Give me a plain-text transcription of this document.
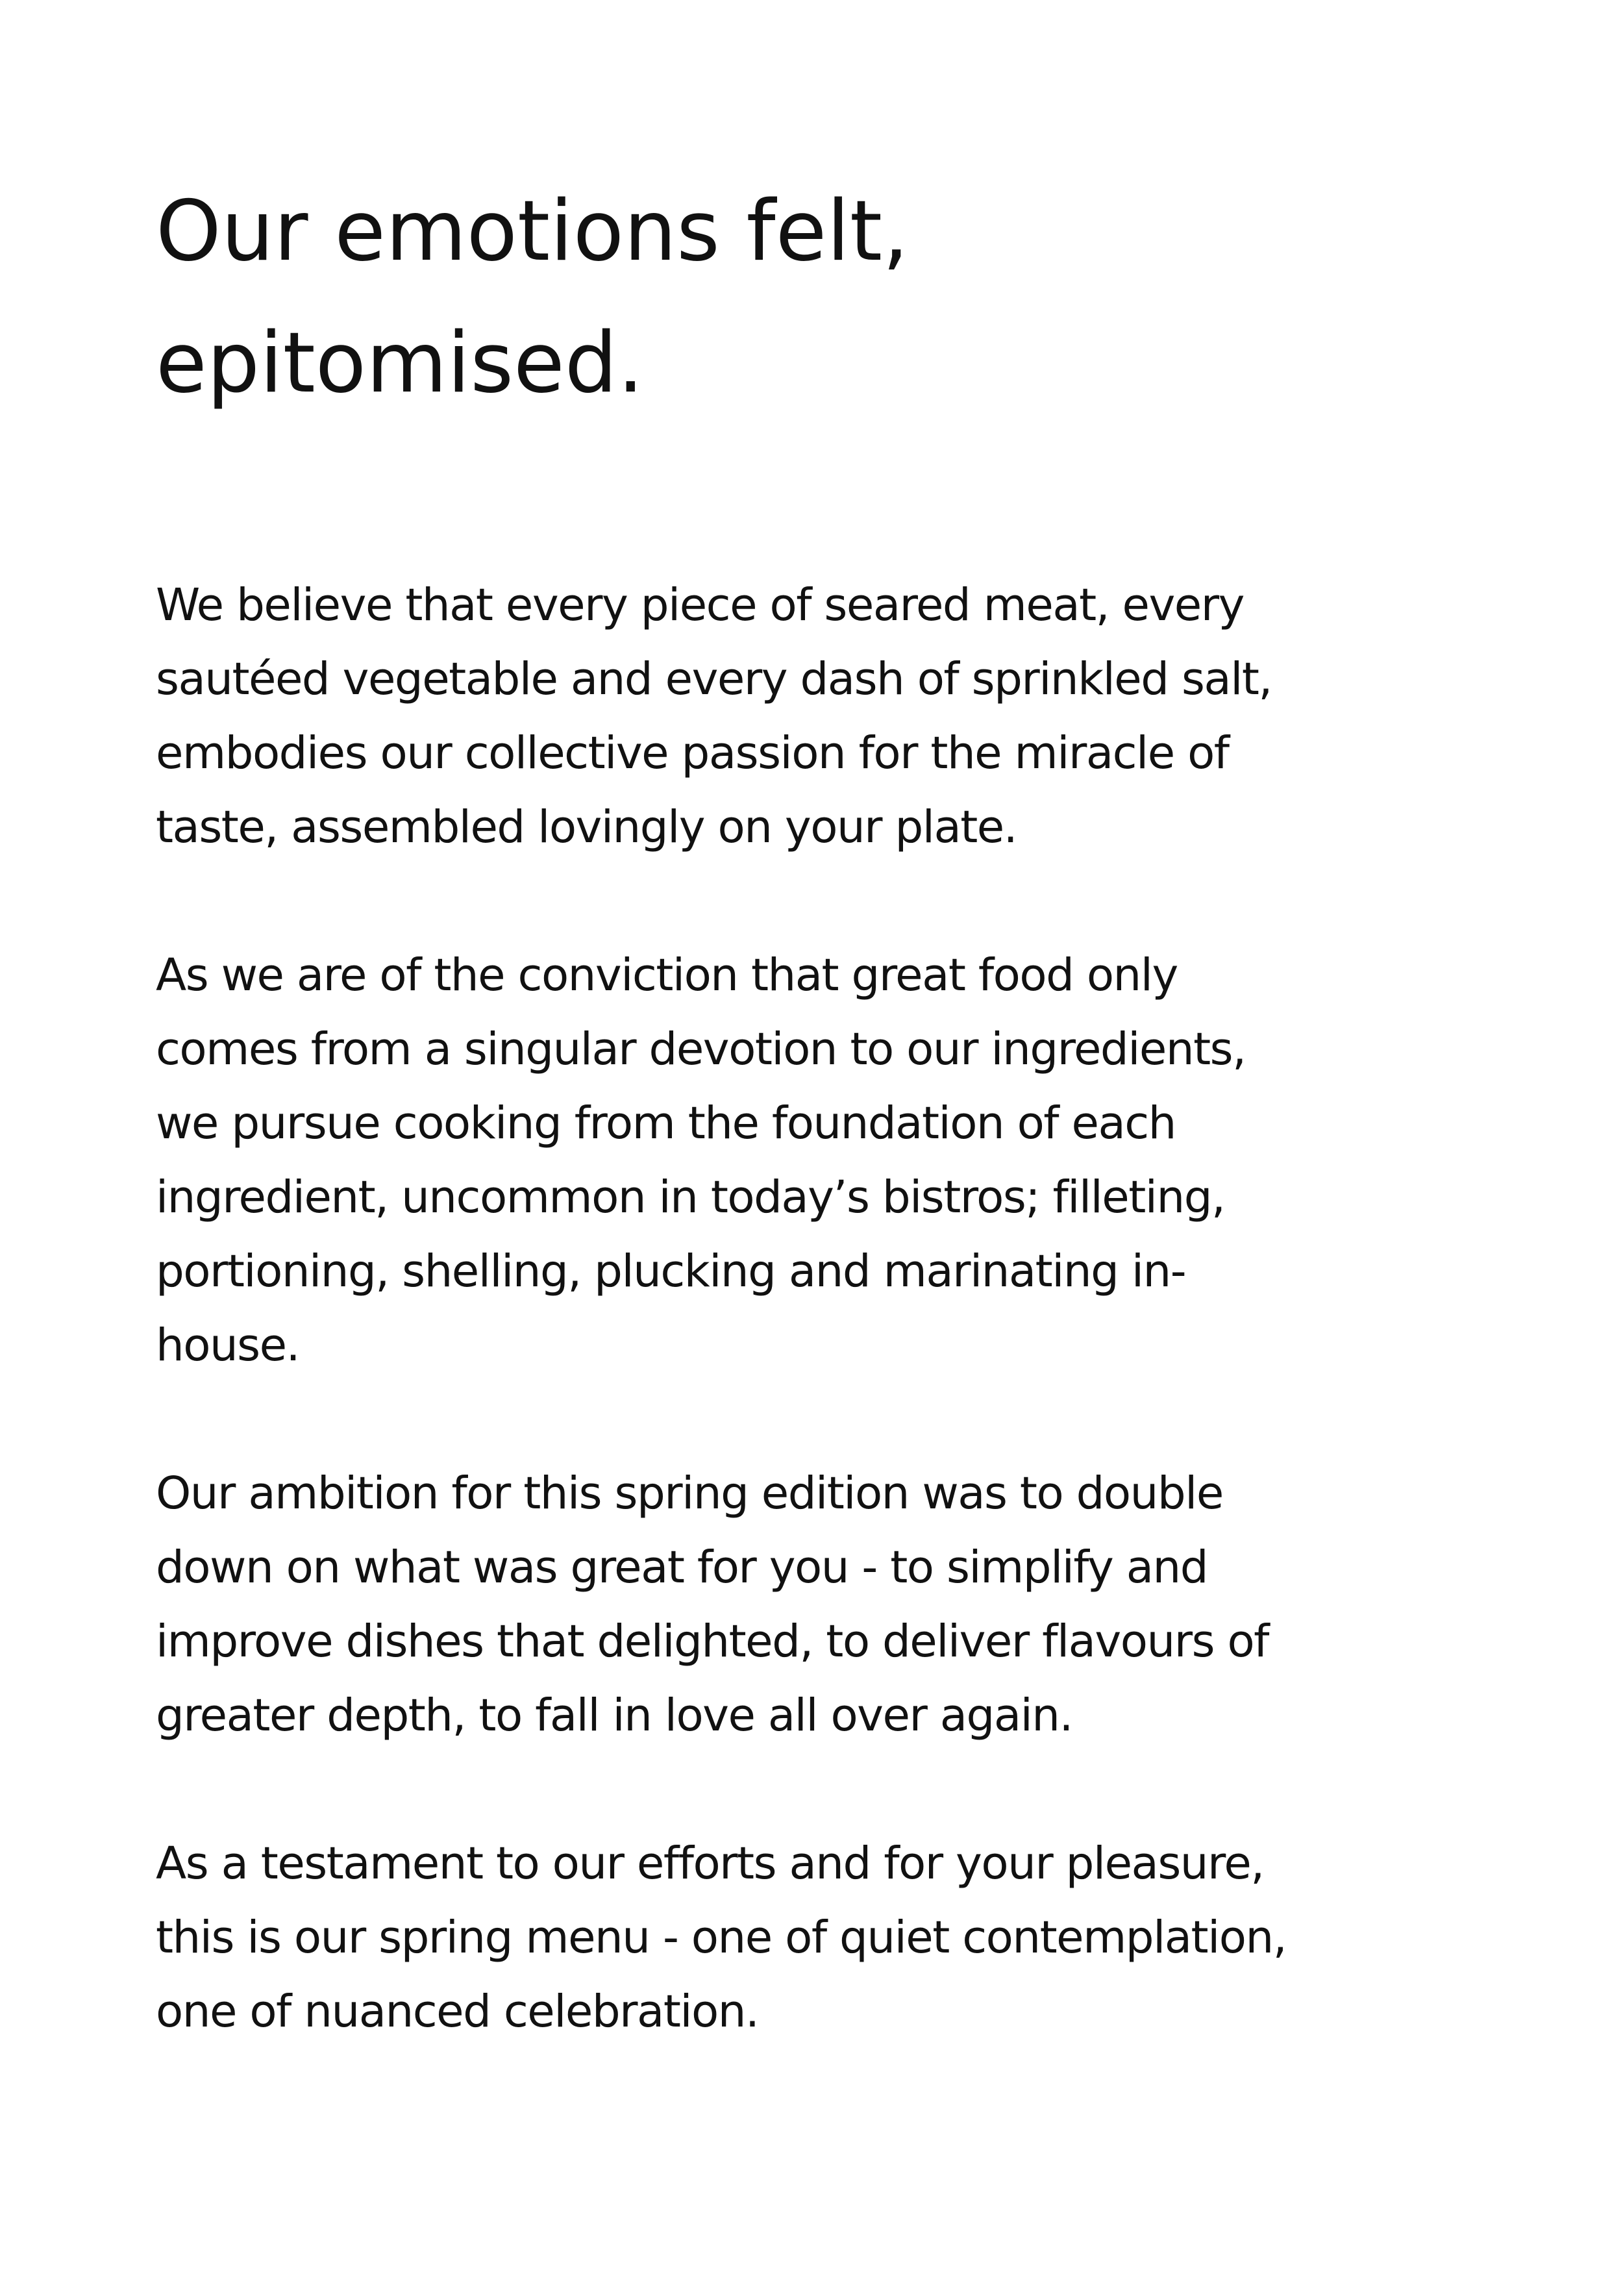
Our emotions felt,
epitomised.

We believe that every piece of seared meat, every
sautéed vegetable and every dash of sprinkled salt,
embodies our collective passion for the miracle of
taste, assembled lovingly on your plate.

As we are of the conviction that great food only
comes from a singular devotion to our ingredients,
we pursue cooking from the foundation of each
ingredient, uncommon in today’s bistros; filleting,
portioning, shelling, plucking and marinating in-
house.

Our ambition for this spring edition was to double
down on what was great for you - to simplify and
improve dishes that delighted, to deliver flavours of
greater depth, to fall in love all over again.

As a testament to our efforts and for your pleasure,
this is our spring menu - one of quiet contemplation,
one of nuanced celebration.
